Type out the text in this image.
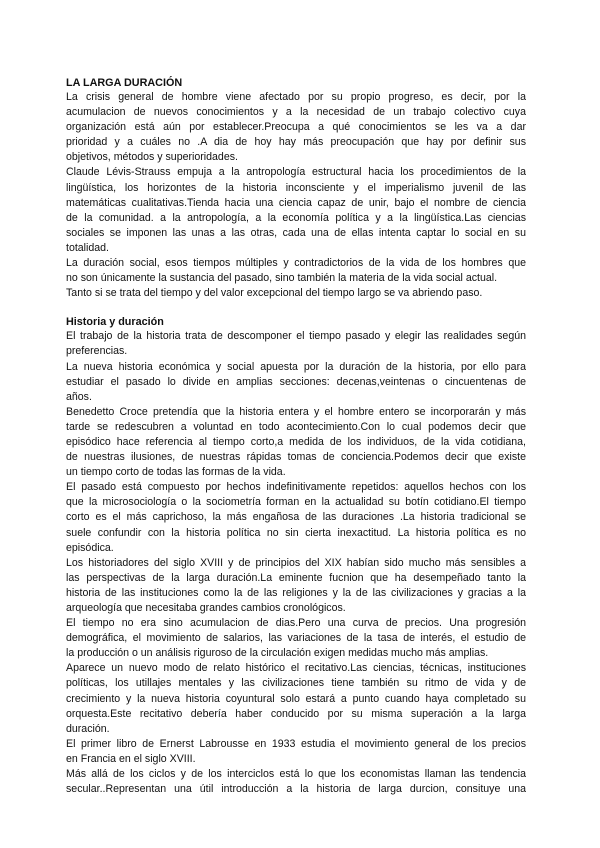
LA LARGA DURACIÓN
La crisis general de hombre viene afectado por su propio progreso, es decir, por la
acumulacion de nuevos conocimientos y a la necesidad de un trabajo colectivo cuya
organización está aún por establecer.Preocupa a qué conocimientos se les va a dar
prioridad y a cuáles no .A dia de hoy hay más preocupación que hay por definir sus
objetivos, métodos y superioridades.
Claude Lévis-Strauss empuja a la antropología estructural hacia los procedimientos de la
lingüística, los horizontes de la historia inconsciente y el imperialismo juvenil de las
matemáticas cualitativas.Tienda hacia una ciencia capaz de unir, bajo el nombre de ciencia
de la comunidad. a la antropología, a la economía política y a la lingüística.Las ciencias
sociales se imponen las unas a las otras, cada una de ellas intenta captar lo social en su
totalidad.
La duración social, esos tiempos múltiples y contradictorios de la vida de los hombres que
no son únicamente la sustancia del pasado, sino también la materia de la vida social actual.
Tanto si se trata del tiempo y del valor excepcional del tiempo largo se va abriendo paso.
Historia y duración
El trabajo de la historia trata de descomponer el tiempo pasado y elegir las realidades según
preferencias.
La nueva historia económica y social apuesta por la duración de la historia, por ello para
estudiar el pasado lo divide en amplias secciones: decenas,veintenas o cincuentenas de
años.
Benedetto Croce pretendía que la historia entera y el hombre entero se incorporarán y más
tarde se redescubren a voluntad en todo acontecimiento.Con lo cual podemos decir que
episódico hace referencia al tiempo corto,a medida de los individuos, de la vida cotidiana,
de nuestras ilusiones, de nuestras rápidas tomas de conciencia.Podemos decir que existe
un tiempo corto de todas las formas de la vida.
El pasado está compuesto por hechos indefinitivamente repetidos: aquellos hechos con los
que la microsociología o la sociometría forman en la actualidad su botín cotidiano.El tiempo
corto es el más caprichoso, la más engañosa de las duraciones .La historia tradicional se
suele confundir con la historia política no sin cierta inexactitud. La historia política es no
episódica.
Los historiadores del siglo XVIII y de principios del XIX habían sido mucho más sensibles a
las perspectivas de la larga duración.La eminente fucnion que ha desempeñado tanto la
historia de las instituciones como la de las religiones y la de las civilizaciones y gracias a la
arqueología que necesitaba grandes cambios cronológicos.
El tiempo no era sino acumulacion de dias.Pero una curva de precios. Una progresión
demográfica, el movimiento de salarios, las variaciones de la tasa de interés, el estudio de
la producción o un análisis riguroso de la circulación exigen medidas mucho más amplias.
Aparece un nuevo modo de relato histórico el recitativo.Las ciencias, técnicas, instituciones
políticas, los utillajes mentales y las civilizaciones tiene también su ritmo de vida y de
crecimiento y la nueva historia coyuntural solo estará a punto cuando haya completado su
orquesta.Este recitativo debería haber conducido por su misma superación a la larga
duración.
El primer libro de Ernerst Labrousse en 1933 estudia el movimiento general de los precios
en Francia en el siglo XVIII.
Más allá de los ciclos y de los interciclos está lo que los economistas llaman las tendencia
secular..Representan una útil introducción a la historia de larga durcion, consituye una
